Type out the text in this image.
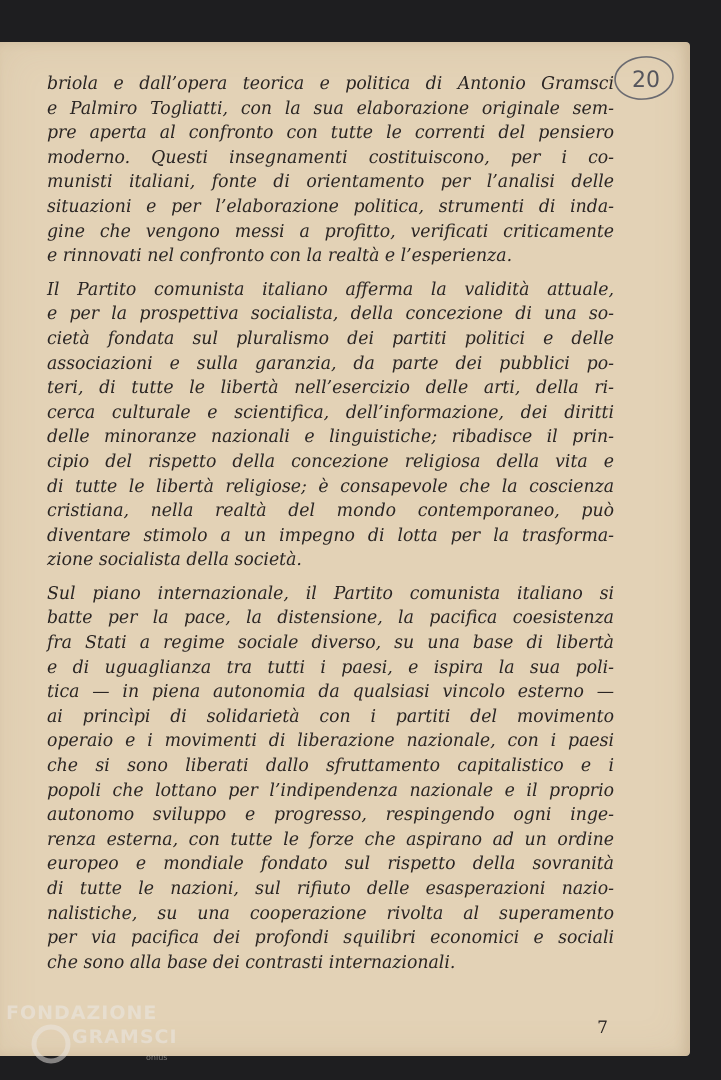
20
briola e dall’opera teorica e politica di Antonio Gramsci
e Palmiro Togliatti, con la sua elaborazione originale sem-
pre aperta al confronto con tutte le correnti del pensiero
moderno. Questi insegnamenti costituiscono, per i co-
munisti italiani, fonte di orientamento per l’analisi delle
situazioni e per l’elaborazione politica, strumenti di inda-
gine che vengono messi a profitto, verificati criticamente
e rinnovati nel confronto con la realtà e l’esperienza.
Il Partito comunista italiano afferma la validità attuale,
e per la prospettiva socialista, della concezione di una so-
cietà fondata sul pluralismo dei partiti politici e delle
associazioni e sulla garanzia, da parte dei pubblici po-
teri, di tutte le libertà nell’esercizio delle arti, della ri-
cerca culturale e scientifica, dell’informazione, dei diritti
delle minoranze nazionali e linguistiche; ribadisce il prin-
cipio del rispetto della concezione religiosa della vita e
di tutte le libertà religiose; è consapevole che la coscienza
cristiana, nella realtà del mondo contemporaneo, può
diventare stimolo a un impegno di lotta per la trasforma-
zione socialista della società.
Sul piano internazionale, il Partito comunista italiano si
batte per la pace, la distensione, la pacifica coesistenza
fra Stati a regime sociale diverso, su una base di libertà
e di uguaglianza tra tutti i paesi, e ispira la sua poli-
tica — in piena autonomia da qualsiasi vincolo esterno —
ai princìpi di solidarietà con i partiti del movimento
operaio e i movimenti di liberazione nazionale, con i paesi
che si sono liberati dallo sfruttamento capitalistico e i
popoli che lottano per l’indipendenza nazionale e il proprio
autonomo sviluppo e progresso, respingendo ogni inge-
renza esterna, con tutte le forze che aspirano ad un ordine
europeo e mondiale fondato sul rispetto della sovranità
di tutte le nazioni, sul rifiuto delle esasperazioni nazio-
nalistiche, su una cooperazione rivolta al superamento
per via pacifica dei profondi squilibri economici e sociali
che sono alla base dei contrasti internazionali.
7
FONDAZIONE
GRAMSCI
onlus
